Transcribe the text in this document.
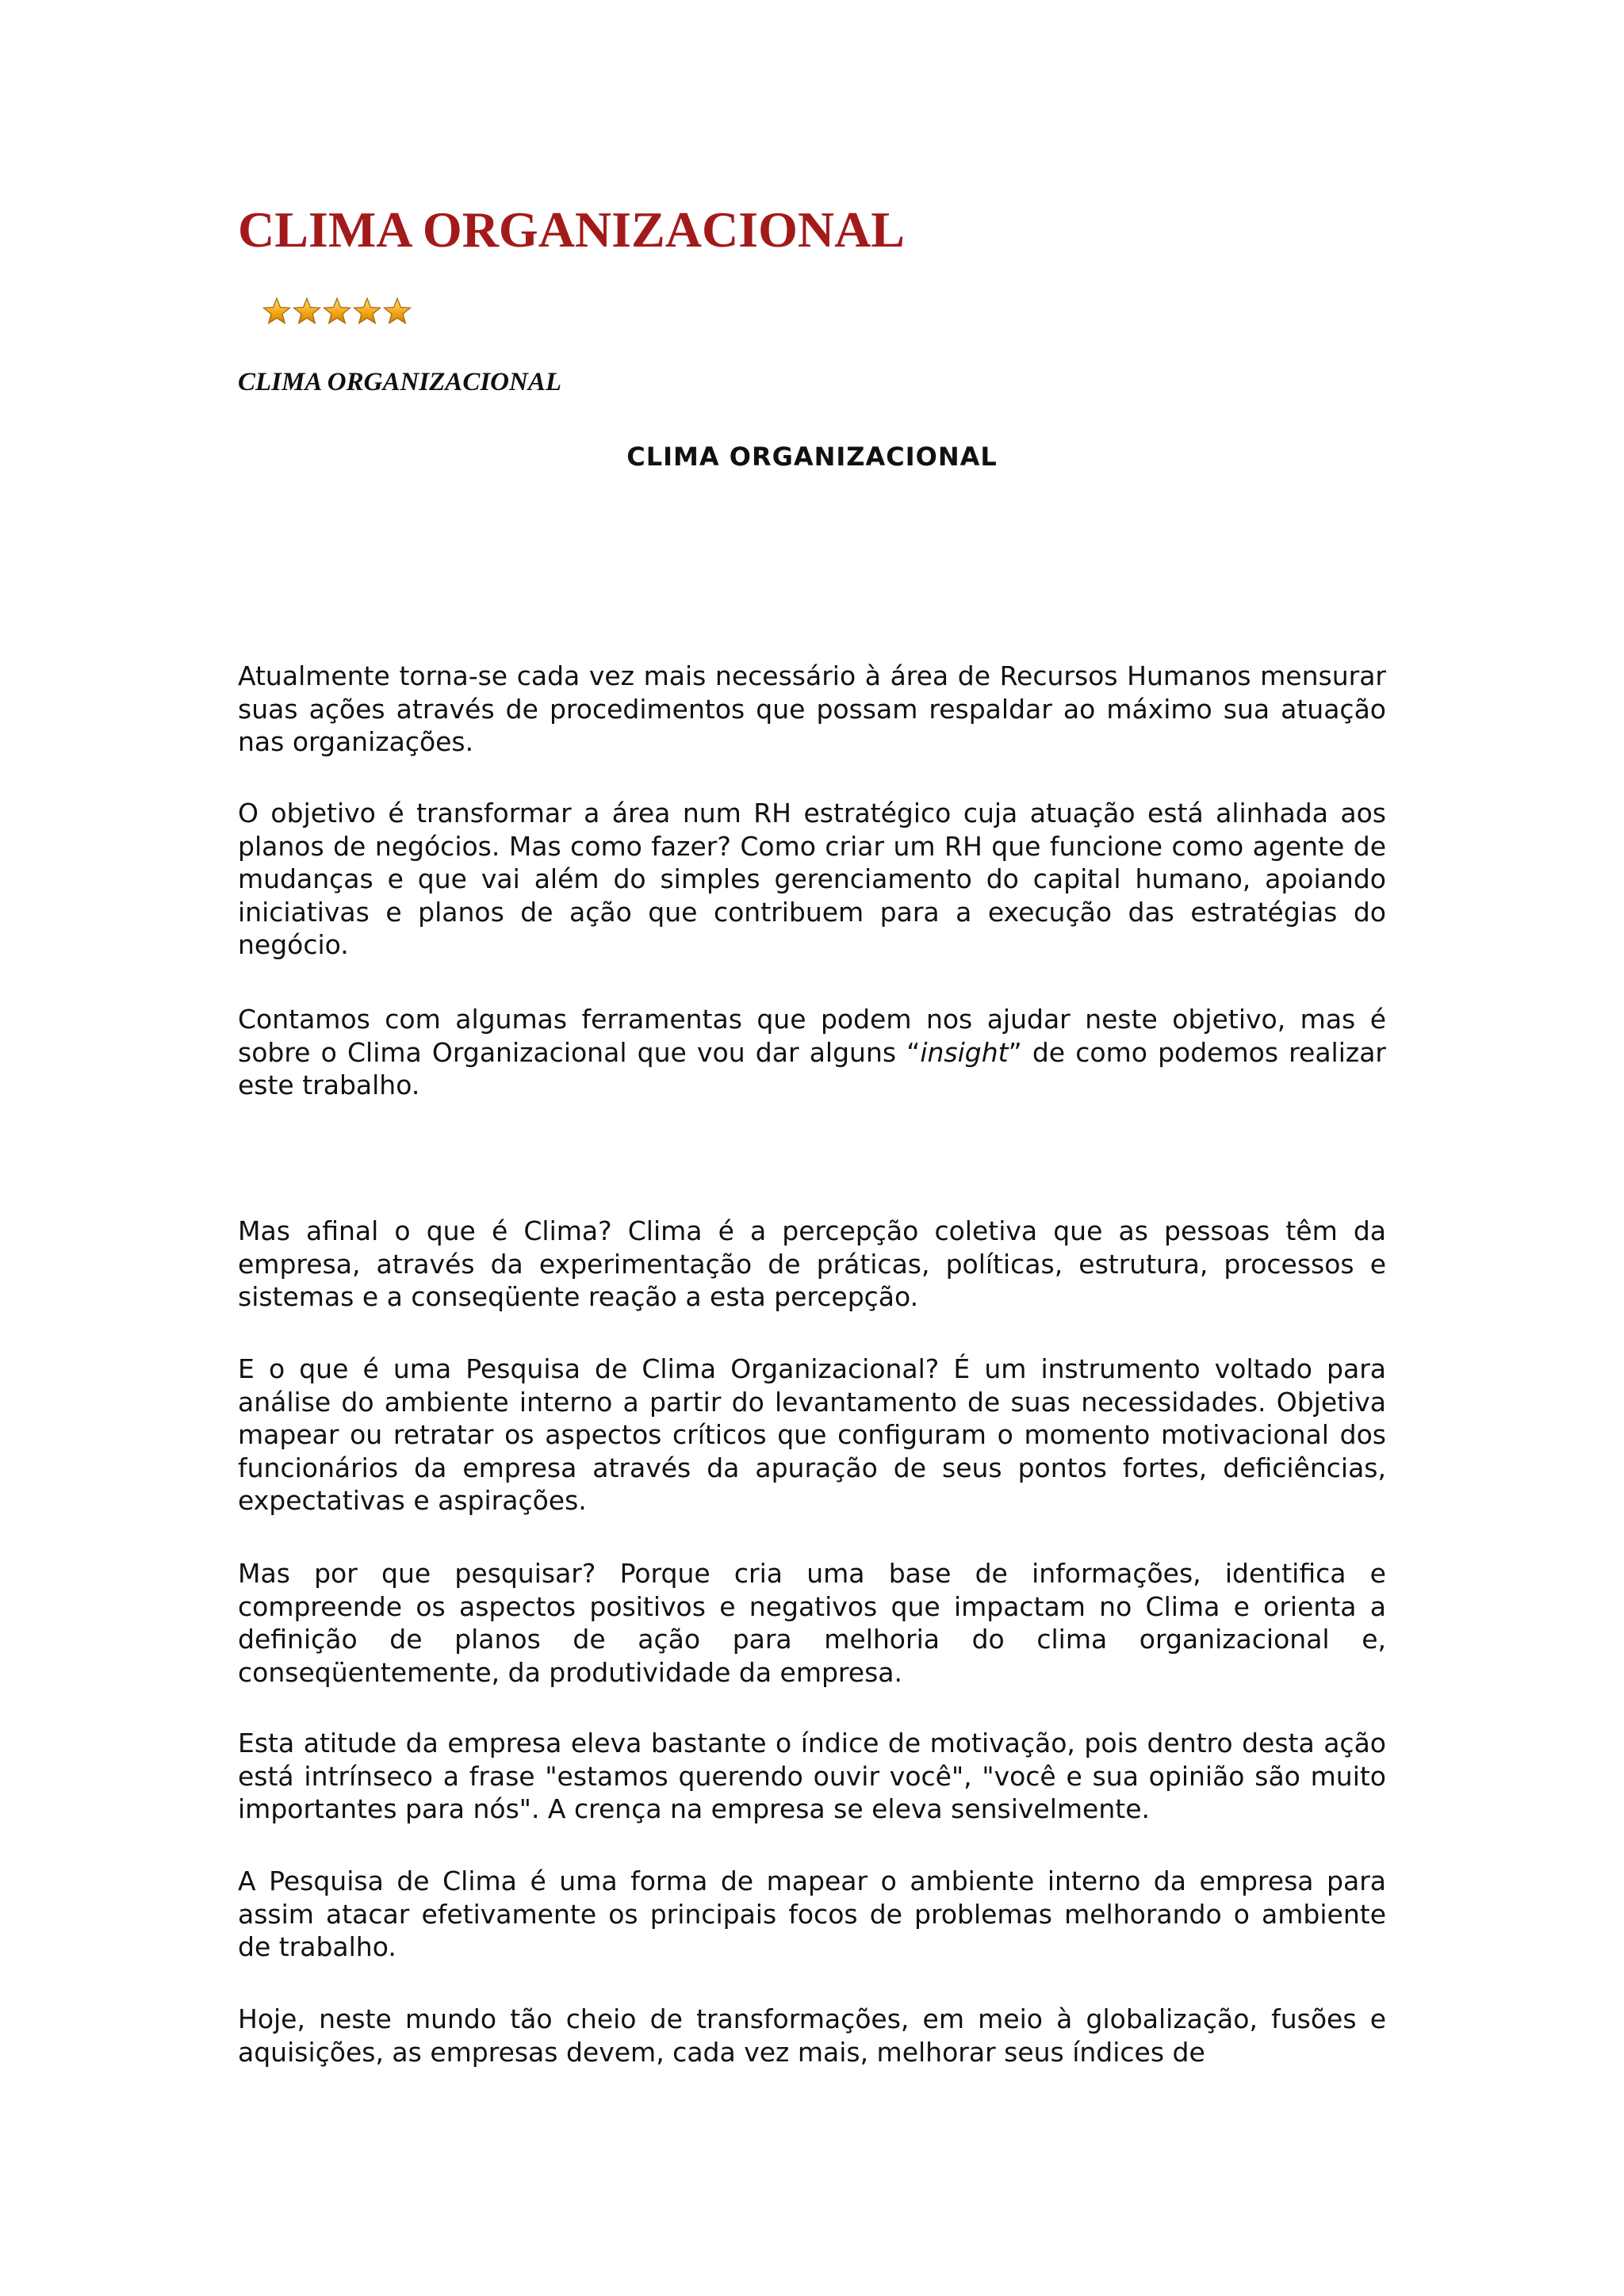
CLIMA ORGANIZACIONAL

CLIMA ORGANIZACIONAL

CLIMA ORGANIZACIONAL

Atualmente torna-se cada vez mais necessário à área de Recursos Humanos mensurar suas ações através de procedimentos que possam respaldar ao máximo sua atuação nas organizações.

O objetivo é transformar a área num RH estratégico cuja atuação está alinhada aos planos de negócios. Mas como fazer? Como criar um RH que funcione como agente de mudanças e que vai além do simples gerenciamento do capital humano, apoiando iniciativas e planos de ação que contribuem para a execução das estratégias do negócio.

Contamos com algumas ferramentas que podem nos ajudar neste objetivo, mas é sobre o Clima Organizacional que vou dar alguns “insight” de como podemos realizar este trabalho.

Mas afinal o que é Clima? Clima é a percepção coletiva que as pessoas têm da empresa, através da experimentação de práticas, políticas, estrutura, processos e sistemas e a conseqüente reação a esta percepção.

E o que é uma Pesquisa de Clima Organizacional? É um instrumento voltado para análise do ambiente interno a partir do levantamento de suas necessidades. Objetiva mapear ou retratar os aspectos críticos que configuram o momento motivacional dos funcionários da empresa através da apuração de seus pontos fortes, deficiências, expectativas e aspirações.

Mas por que pesquisar? Porque cria uma base de informações, identifica e compreende os aspectos positivos e negativos que impactam no Clima e orienta a definição de planos de ação para melhoria do clima organizacional e, conseqüentemente, da produtividade da empresa.

Esta atitude da empresa eleva bastante o índice de motivação, pois dentro desta ação está intrínseco a frase "estamos querendo ouvir você", "você e sua opinião são muito importantes para nós". A crença na empresa se eleva sensivelmente.

A Pesquisa de Clima é uma forma de mapear o ambiente interno da empresa para assim atacar efetivamente os principais focos de problemas melhorando o ambiente de trabalho.

Hoje, neste mundo tão cheio de transformações, em meio à globalização, fusões e aquisições, as empresas devem, cada vez mais, melhorar seus índices de
